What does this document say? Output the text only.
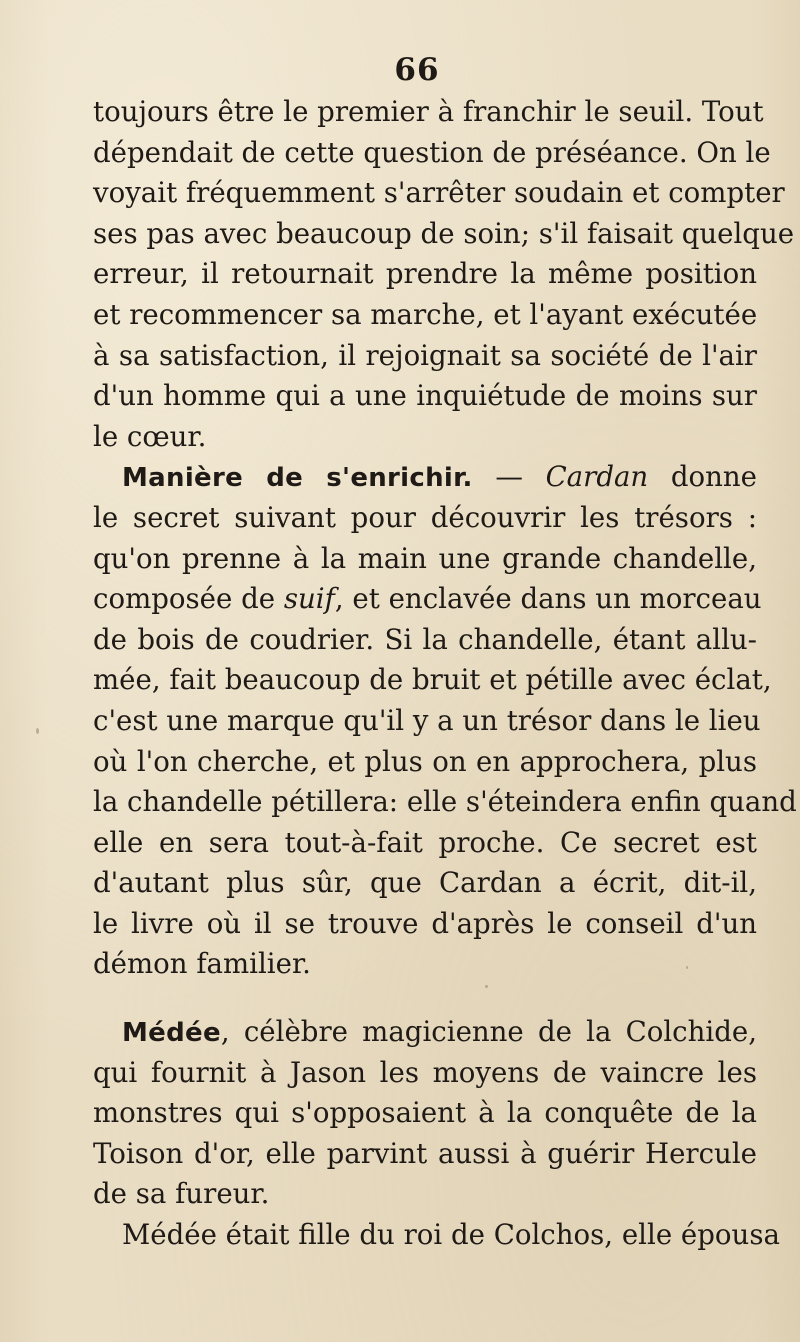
66
toujours être le premier à franchir le seuil. Tout
dépendait de cette question de préséance. On le
voyait fréquemment s'arrêter soudain et compter
ses pas avec beaucoup de soin; s'il faisait quelque
erreur, il retournait prendre la même position
et recommencer sa marche, et l'ayant exécutée
à sa satisfaction, il rejoignait sa société de l'air
d'un homme qui a une inquiétude de moins sur
le cœur.
Manière de s'enrichir. — Cardan donne
le secret suivant pour découvrir les trésors :
qu'on prenne à la main une grande chandelle,
composée de suif, et enclavée dans un morceau
de bois de coudrier. Si la chandelle, étant allu-
mée, fait beaucoup de bruit et pétille avec éclat,
c'est une marque qu'il y a un trésor dans le lieu
où l'on cherche, et plus on en approchera, plus
la chandelle pétillera: elle s'éteindera enfin quand
elle en sera tout-à-fait proche. Ce secret est
d'autant plus sûr, que Cardan a écrit, dit-il,
le livre où il se trouve d'après le conseil d'un
démon familier.
Médée, célèbre magicienne de la Colchide,
qui fournit à Jason les moyens de vaincre les
monstres qui s'opposaient à la conquête de la
Toison d'or, elle parvint aussi à guérir Hercule
de sa fureur.
Médée était fille du roi de Colchos, elle épousa
